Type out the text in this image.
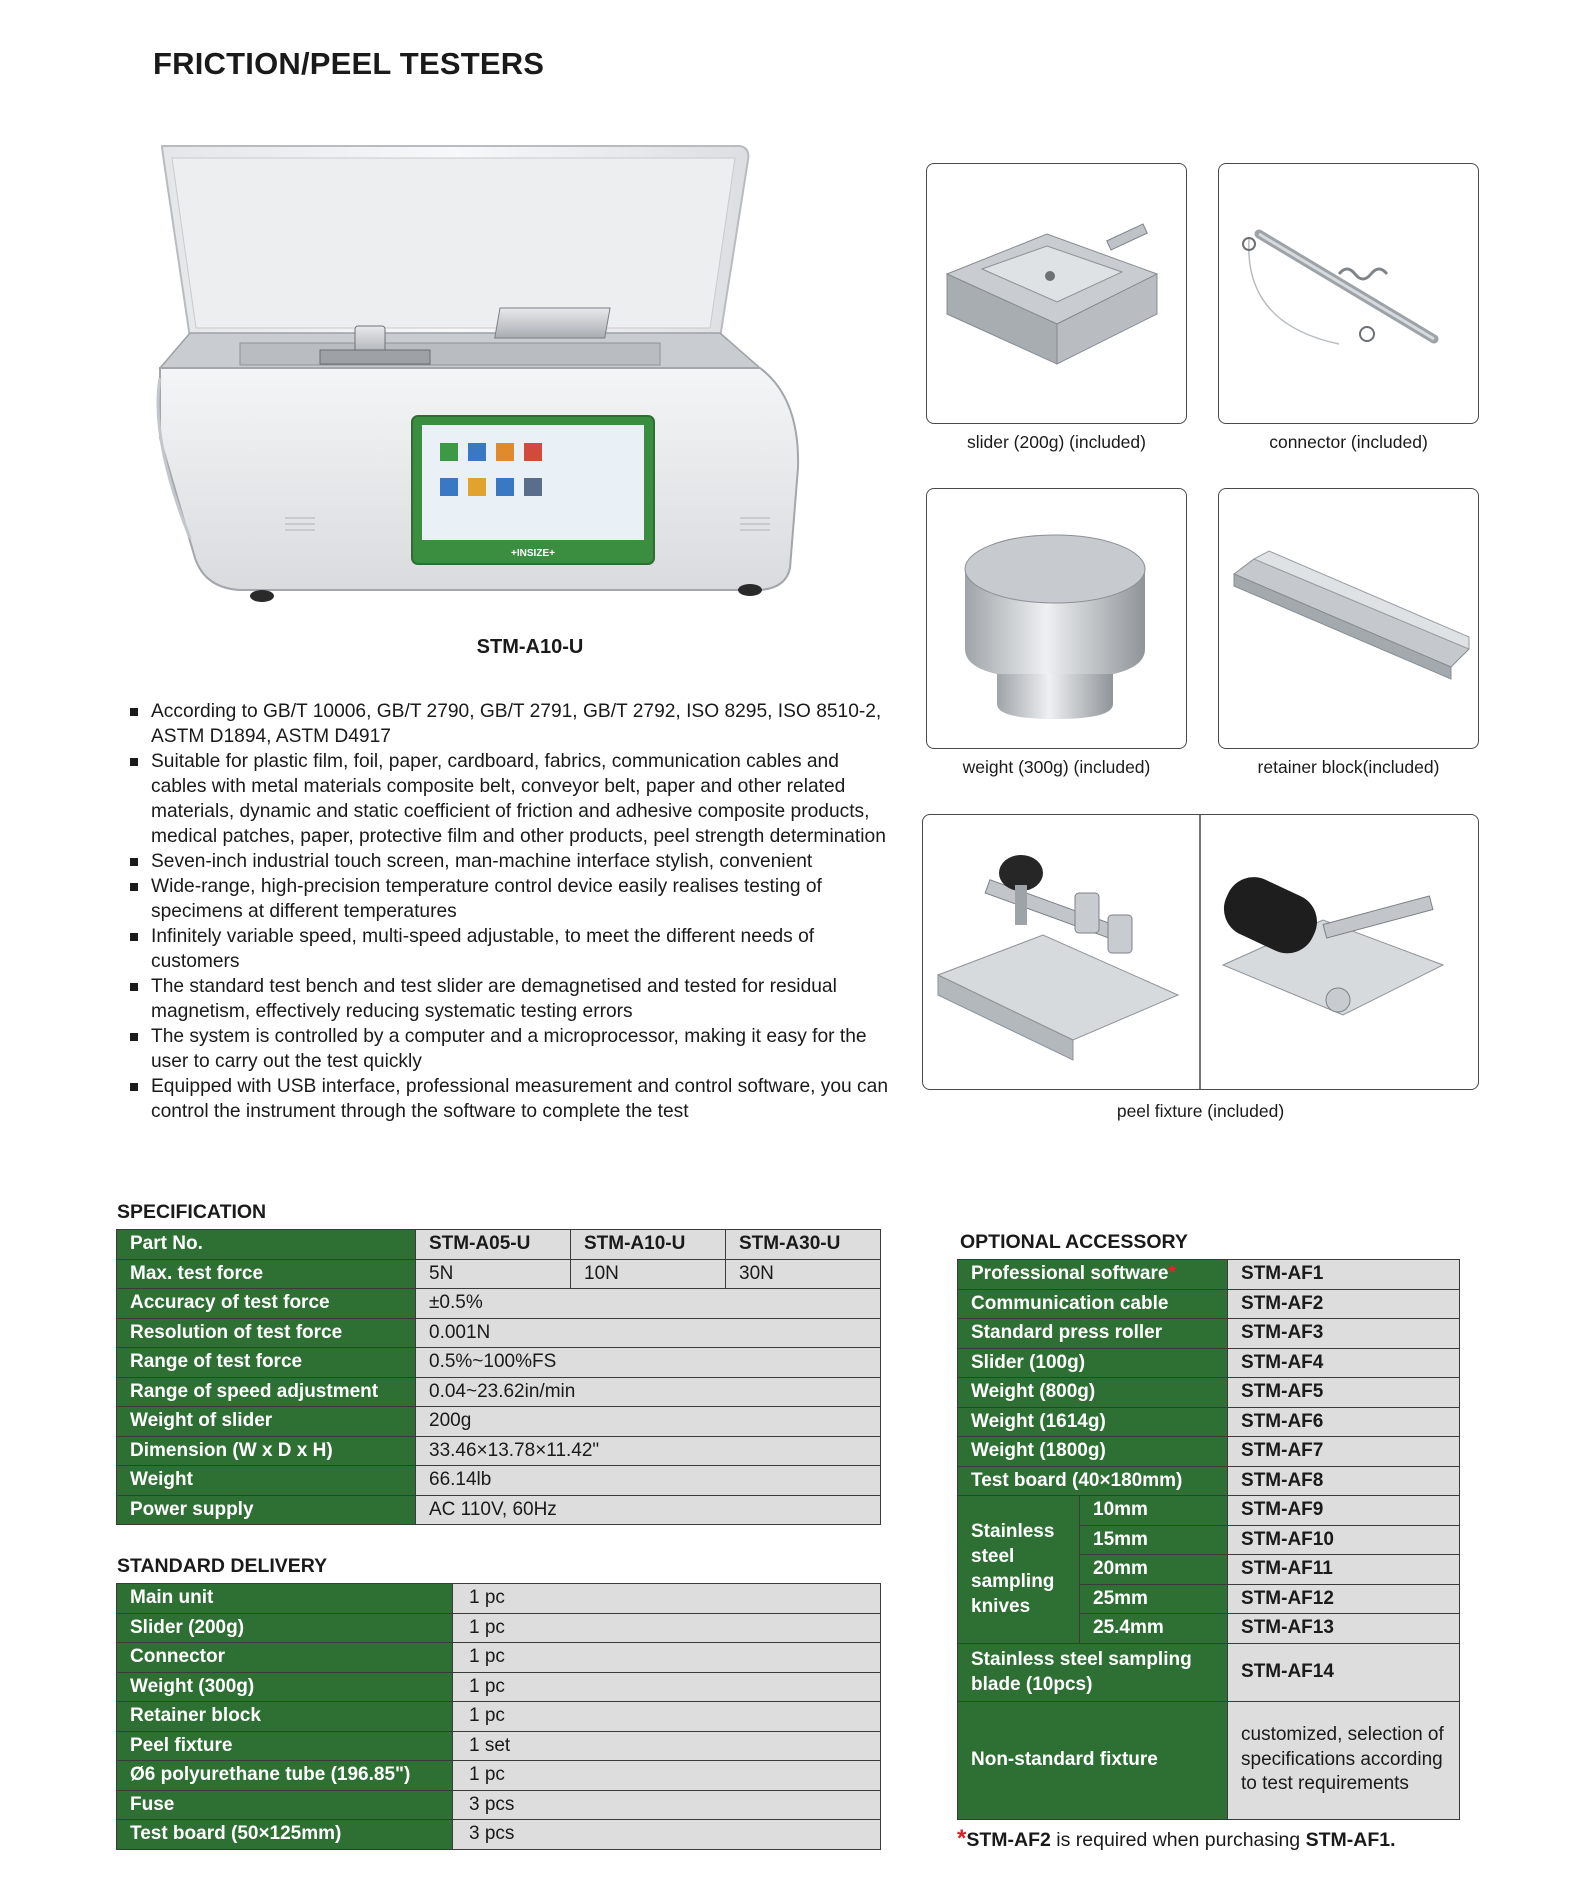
FRICTION/PEEL TESTERS
+INSIZE+
STM-A10-U
According to GB/T 10006, GB/T 2790, GB/T 2791, GB/T 2792, ISO 8295, ISO 8510-2, ASTM D1894, ASTM D4917
Suitable for plastic film, foil, paper, cardboard, fabrics, communication cables and cables with metal materials composite belt, conveyor belt, paper and other related materials, dynamic and static coefficient of friction and adhesive composite products, medical patches, paper, protective film and other products, peel strength determination
Seven-inch industrial touch screen, man-machine interface stylish, convenient
Wide-range, high-precision temperature control device easily realises testing of specimens at different temperatures
Infinitely variable speed, multi-speed adjustable, to meet the different needs of customers
The standard test bench and test slider are demagnetised and tested for residual magnetism, effectively reducing systematic testing errors
The system is controlled by a computer and a microprocessor, making it easy for the user to carry out the test quickly
Equipped with USB interface, professional measurement and control software, you can control the instrument through the software to complete the test
slider (200g) (included)	connector (included)
weight (300g) (included)	retainer block(included)
peel fixture (included)
SPECIFICATION
Part No.	STM-A05-U	STM-A10-U	STM-A30-U
Max. test force	5N	10N	30N
Accuracy of test force	±0.5%		
Resolution of test force	0.001N		
Range of test force	0.5%~100%FS		
Range of speed adjustment	0.04~23.62in/min		
Weight of slider	200g		
Dimension (W x D x H)	33.46×13.78×11.42"		
Weight	66.14lb		
Power supply	AC 110V, 60Hz		
STANDARD DELIVERY
Main unit	1 pc
Slider (200g)	1 pc
Connector	1 pc
Weight (300g)	1 pc
Retainer block	1 pc
Peel fixture	1 set
Ø6 polyurethane tube (196.85")	1 pc
Fuse	3 pcs
Test board (50×125mm)	3 pcs
OPTIONAL ACCESSORY
Professional software*		STM-AF1
Communication cable		STM-AF2
Standard press roller		STM-AF3
Slider (100g)		STM-AF4
Weight (800g)		STM-AF5
Weight (1614g)		STM-AF6
Weight (1800g)		STM-AF7
Test board (40×180mm)		STM-AF8
Stainless steel sampling knives	10mm	STM-AF9
	15mm	STM-AF10
	20mm	STM-AF11
	25mm	STM-AF12
	25.4mm	STM-AF13
Stainless steel sampling blade (10pcs)		STM-AF14
Non-standard fixture		customized, selection of specifications according to test requirements
*STM-AF2 is required when purchasing STM-AF1.
